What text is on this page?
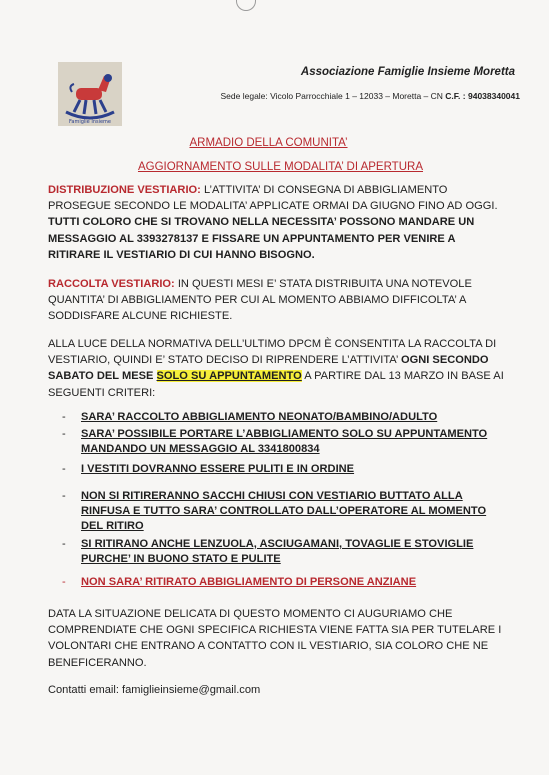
Famiglie Insieme
Associazione Famiglie Insieme Moretta
Sede legale: Vicolo Parrocchiale 1 – 12033 – Moretta – CN C.F. : 94038340041
ARMADIO DELLA COMUNITA’
AGGIORNAMENTO SULLE MODALITA’ DI APERTURA
DISTRIBUZIONE VESTIARIO: L’ATTIVITA’ DI CONSEGNA DI ABBIGLIAMENTO PROSEGUE SECONDO LE MODALITA’ APPLICATE ORMAI DA GIUGNO FINO AD OGGI. TUTTI COLORO CHE SI TROVANO NELLA NECESSITA’ POSSONO MANDARE UN MESSAGGIO AL 3393278137 E FISSARE UN APPUNTAMENTO PER VENIRE A RITIRARE IL VESTIARIO DI CUI HANNO BISOGNO.
RACCOLTA VESTIARIO: IN QUESTI MESI E’ STATA DISTRIBUITA UNA NOTEVOLE QUANTITA’ DI ABBIGLIAMENTO PER CUI AL MOMENTO ABBIAMO DIFFICOLTA’ A SODDISFARE ALCUNE RICHIESTE.
ALLA LUCE DELLA NORMATIVA DELL’ULTIMO DPCM È CONSENTITA LA RACCOLTA DI VESTIARIO, QUINDI E’ STATO DECISO DI RIPRENDERE L’ATTIVITA’ OGNI SECONDO SABATO DEL MESE SOLO SU APPUNTAMENTO A PARTIRE DAL 13 MARZO IN BASE AI SEGUENTI CRITERI:
- SARA’ RACCOLTO ABBIGLIAMENTO NEONATO/BAMBINO/ADULTO
- SARA’ POSSIBILE PORTARE L’ABBIGLIAMENTO SOLO SU APPUNTAMENTO MANDANDO UN MESSAGGIO AL 3341800834
- I VESTITI DOVRANNO ESSERE PULITI E IN ORDINE
- NON SI RITIRERANNO SACCHI CHIUSI CON VESTIARIO BUTTATO ALLA RINFUSA E TUTTO SARA’ CONTROLLATO DALL’OPERATORE AL MOMENTO DEL RITIRO
- SI RITIRANO ANCHE LENZUOLA, ASCIUGAMANI, TOVAGLIE E STOVIGLIE PURCHE’ IN BUONO STATO E PULITE
- NON SARA’ RITIRATO ABBIGLIAMENTO DI PERSONE ANZIANE
DATA LA SITUAZIONE DELICATA DI QUESTO MOMENTO CI AUGURIAMO CHE COMPRENDIATE CHE OGNI SPECIFICA RICHIESTA VIENE FATTA SIA PER TUTELARE I VOLONTARI CHE ENTRANO A CONTATTO CON IL VESTIARIO, SIA COLORO CHE NE BENEFICERANNO.
Contatti email: famiglieinsieme@gmail.com
